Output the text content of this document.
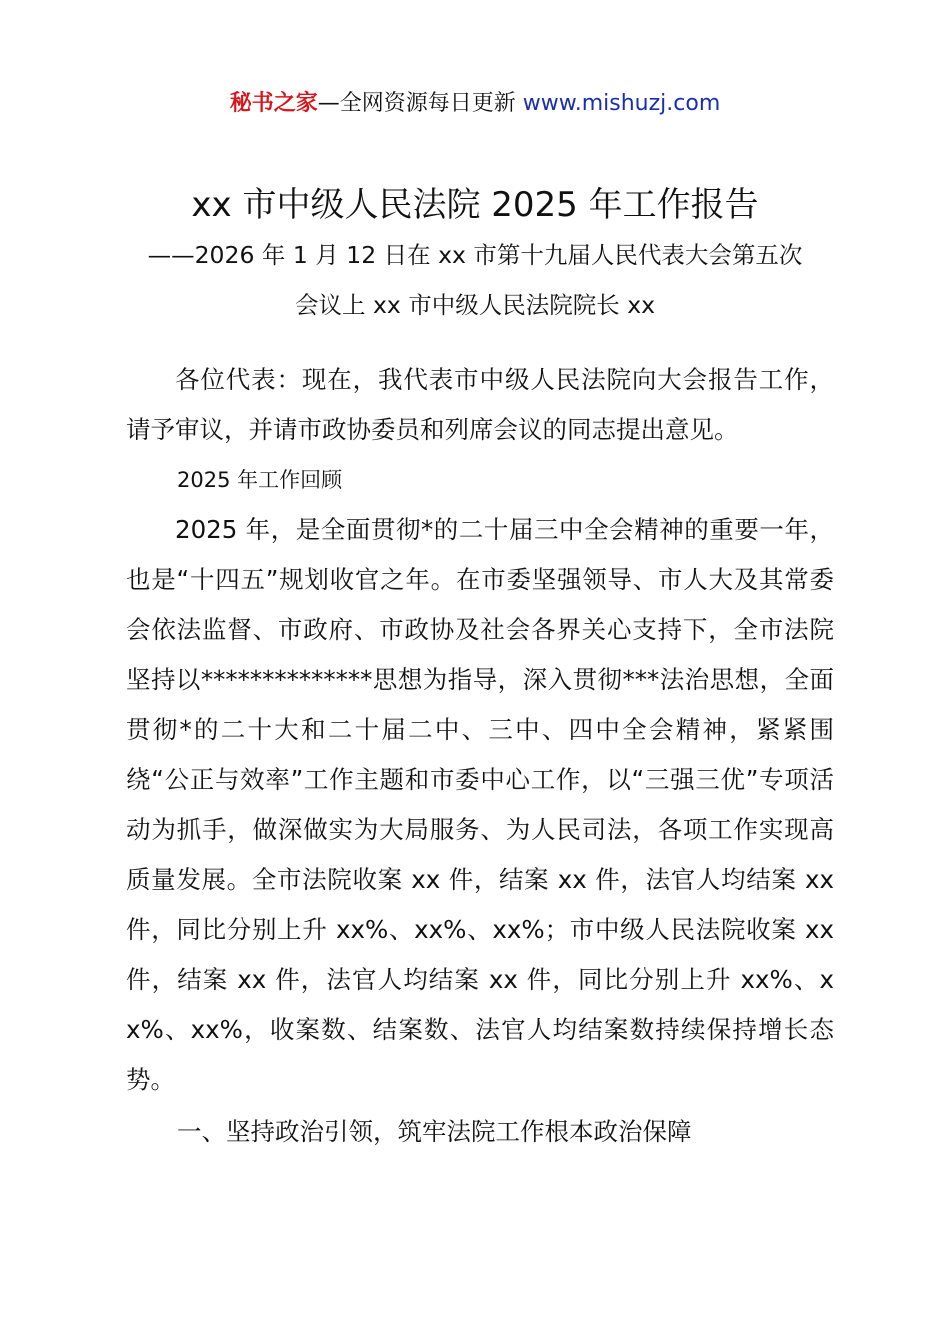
秘书之家—全网资源每日更新 www.mishuzj.com
xx 市中级人民法院 2025 年工作报告
——2026 年 1 月 12 日在 xx 市第十九届人民代表大会第五次
会议上 xx 市中级人民法院院长 xx

各位代表：现在，我代表市中级人民法院向大会报告工作，请予审议，并请市政协委员和列席会议的同志提出意见。

2025 年工作回顾

2025 年，是全面贯彻*的二十届三中全会精神的重要一年，也是“十四五”规划收官之年。在市委坚强领导、市人大及其常委会依法监督、市政府、市政协及社会各界关心支持下，全市法院坚持以**************思想为指导，深入贯彻***法治思想，全面贯彻*的二十大和二十届二中、三中、四中全会精神，紧紧围绕“公正与效率”工作主题和市委中心工作，以“三强三优”专项活动为抓手，做深做实为大局服务、为人民司法，各项工作实现高质量发展。全市法院收案 xx 件，结案 xx 件，法官人均结案 xx 件，同比分别上升 xx%、xx%、xx%；市中级人民法院收案 xx 件，结案 xx 件，法官人均结案 xx 件，同比分别上升 xx%、xx%、xx%，收案数、结案数、法官人均结案数持续保持增长态势。

一、坚持政治引领，筑牢法院工作根本政治保障
